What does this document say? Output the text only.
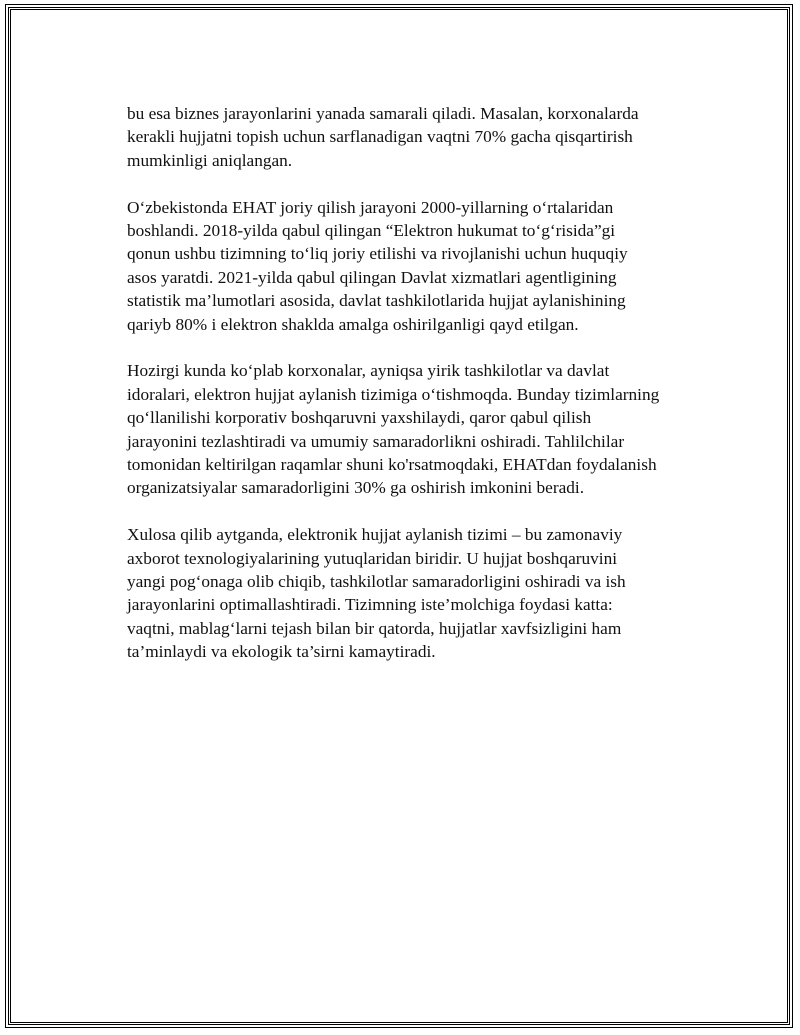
bu esa biznes jarayonlarini yanada samarali qiladi. Masalan, korxonalarda
kerakli hujjatni topish uchun sarflanadigan vaqtni 70% gacha qisqartirish
mumkinligi aniqlangan.

O‘zbekistonda EHAT joriy qilish jarayoni 2000-yillarning o‘rtalaridan
boshlandi. 2018-yilda qabul qilingan “Elektron hukumat to‘g‘risida”gi
qonun ushbu tizimning to‘liq joriy etilishi va rivojlanishi uchun huquqiy
asos yaratdi. 2021-yilda qabul qilingan Davlat xizmatlari agentligining
statistik ma’lumotlari asosida, davlat tashkilotlarida hujjat aylanishining
qariyb 80% i elektron shaklda amalga oshirilganligi qayd etilgan.

Hozirgi kunda ko‘plab korxonalar, ayniqsa yirik tashkilotlar va davlat
idoralari, elektron hujjat aylanish tizimiga o‘tishmoqda. Bunday tizimlarning
qo‘llanilishi korporativ boshqaruvni yaxshilaydi, qaror qabul qilish
jarayonini tezlashtiradi va umumiy samaradorlikni oshiradi. Tahlilchilar
tomonidan keltirilgan raqamlar shuni ko'rsatmoqdaki, EHATdan foydalanish
organizatsiyalar samaradorligini 30% ga oshirish imkonini beradi.

Xulosa qilib aytganda, elektronik hujjat aylanish tizimi – bu zamonaviy
axborot texnologiyalarining yutuqlaridan biridir. U hujjat boshqaruvini
yangi pog‘onaga olib chiqib, tashkilotlar samaradorligini oshiradi va ish
jarayonlarini optimallashtiradi. Tizimning iste’molchiga foydasi katta:
vaqtni, mablag‘larni tejash bilan bir qatorda, hujjatlar xavfsizligini ham
ta’minlaydi va ekologik ta’sirni kamaytiradi.
